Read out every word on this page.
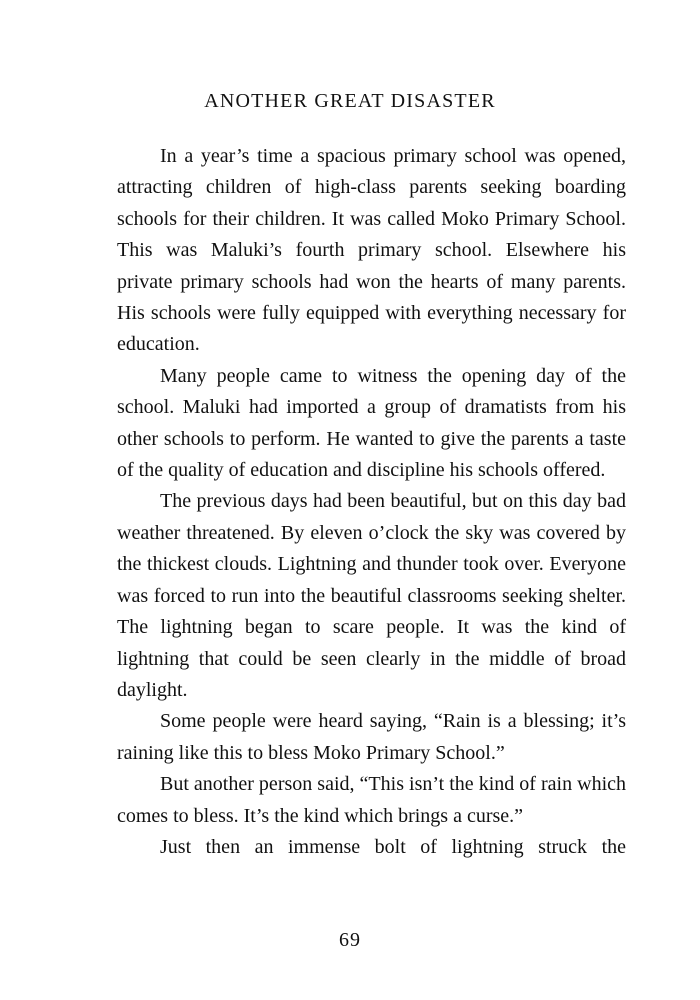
ANOTHER GREAT DISASTER

In a year’s time a spacious primary school was opened, attracting children of high-class parents seeking boarding schools for their children. It was called Moko Primary School. This was Maluki’s fourth primary school. Elsewhere his private primary schools had won the hearts of many parents. His schools were fully equipped with everything necessary for education.

Many people came to witness the opening day of the school. Maluki had imported a group of dramatists from his other schools to perform. He wanted to give the parents a taste of the quality of education and discipline his schools offered.

The previous days had been beautiful, but on this day bad weather threatened. By eleven o’clock the sky was covered by the thickest clouds. Lightning and thunder took over. Everyone was forced to run into the beautiful classrooms seeking shelter. The lightning began to scare people. It was the kind of lightning that could be seen clearly in the middle of broad daylight.

Some people were heard saying, “Rain is a blessing; it’s raining like this to bless Moko Primary School.”

But another person said, “This isn’t the kind of rain which comes to bless. It’s the kind which brings a curse.”

Just then an immense bolt of lightning struck the

69
